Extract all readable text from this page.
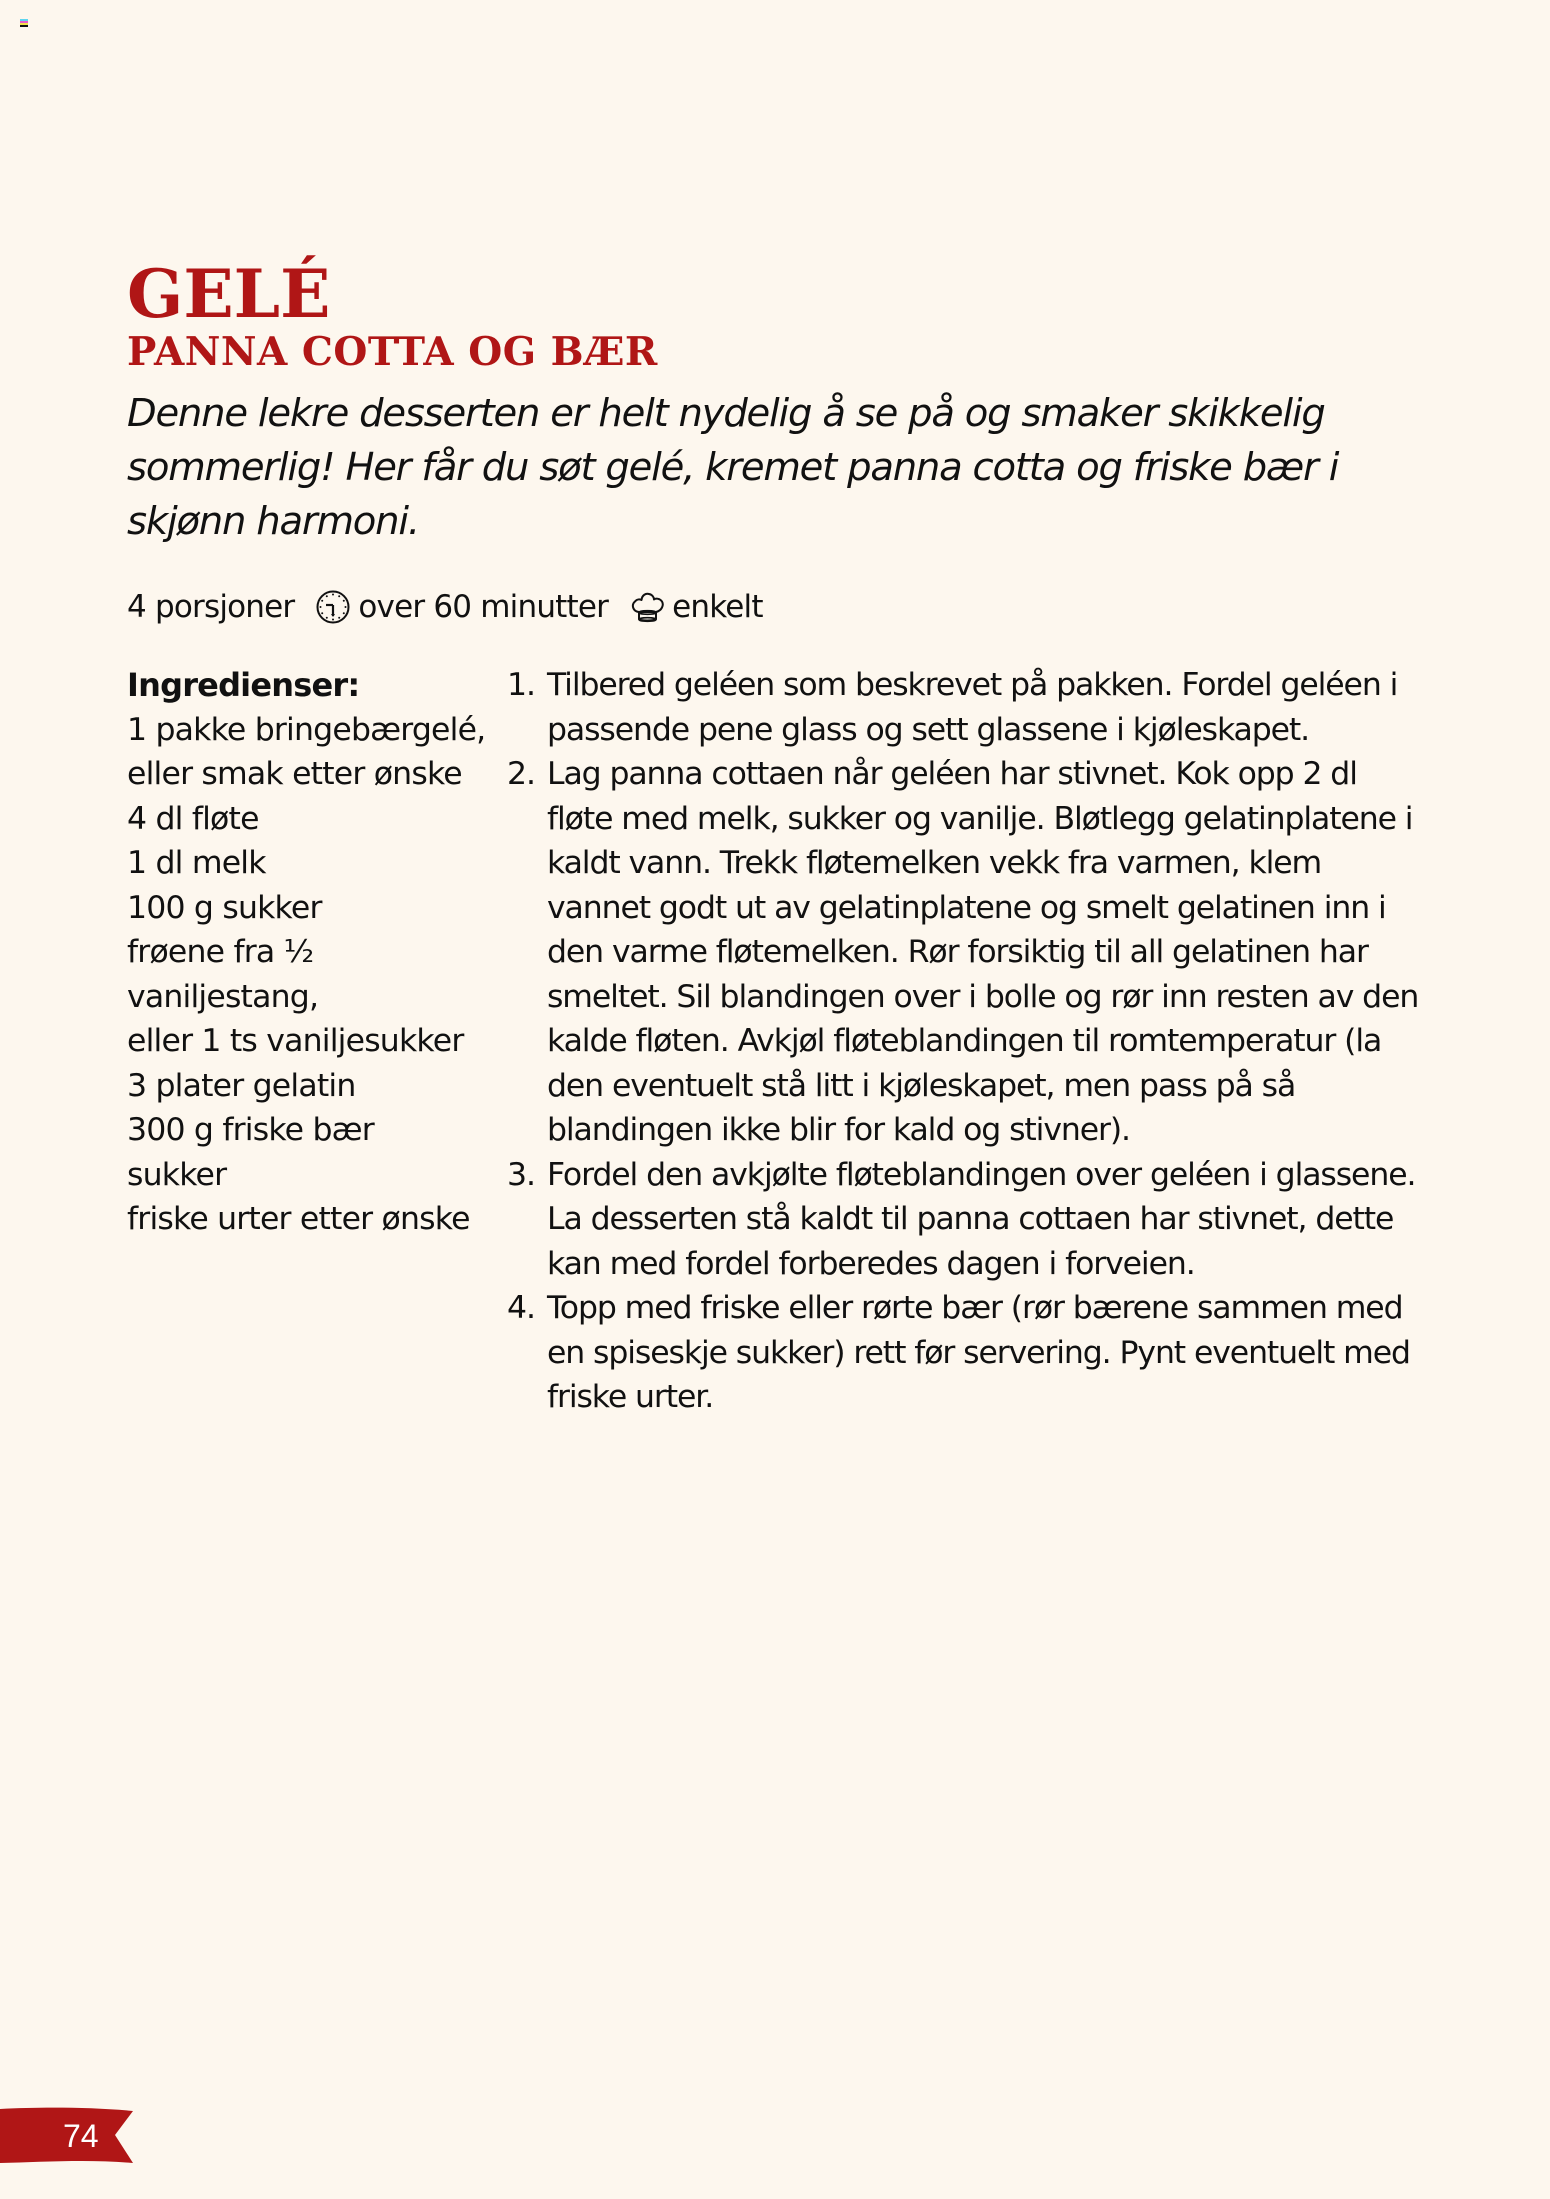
GELÉ
PANNA COTTA OG BÆR

Denne lekre desserten er helt nydelig å se på og smaker skikkelig sommerlig! Her får du søt gelé, kremet panna cotta og friske bær i skjønn harmoni.

4 porsjoner over 60 minutter enkelt
Ingredienser:
1 pakke bringebærgelé,
eller smak etter ønske
4 dl fløte
1 dl melk
100 g sukker
frøene fra ½ vaniljestang,
eller 1 ts vaniljesukker
3 plater gelatin
300 g friske bær
sukker
friske urter etter ønske
1. Tilbered geléen som beskrevet på pakken. Fordel geléen i passende pene glass og sett glassene i kjøleskapet.

2. Lag panna cottaen når geléen har stivnet. Kok opp 2 dl fløte med melk, sukker og vanilje. Bløtlegg gelatinplatene i kaldt vann. Trekk fløtemelken vekk fra varmen, klem vannet godt ut av gelatinplatene og smelt gelatinen inn i den varme fløtemelken. Rør forsiktig til all gelatinen har smeltet. Sil blandingen over i bolle og rør inn resten av den kalde fløten. Avkjøl fløteblandingen til romtemperatur (la den eventuelt stå litt i kjøleskapet, men pass på så blandingen ikke blir for kald og stivner).

3. Fordel den avkjølte fløteblandingen over geléen i glassene. La desserten stå kaldt til panna cottaen har stivnet, dette kan med fordel forberedes dagen i forveien.

4. Topp med friske eller rørte bær (rør bærene sammen med en spiseskje sukker) rett før servering. Pynt eventuelt med friske urter.

74
